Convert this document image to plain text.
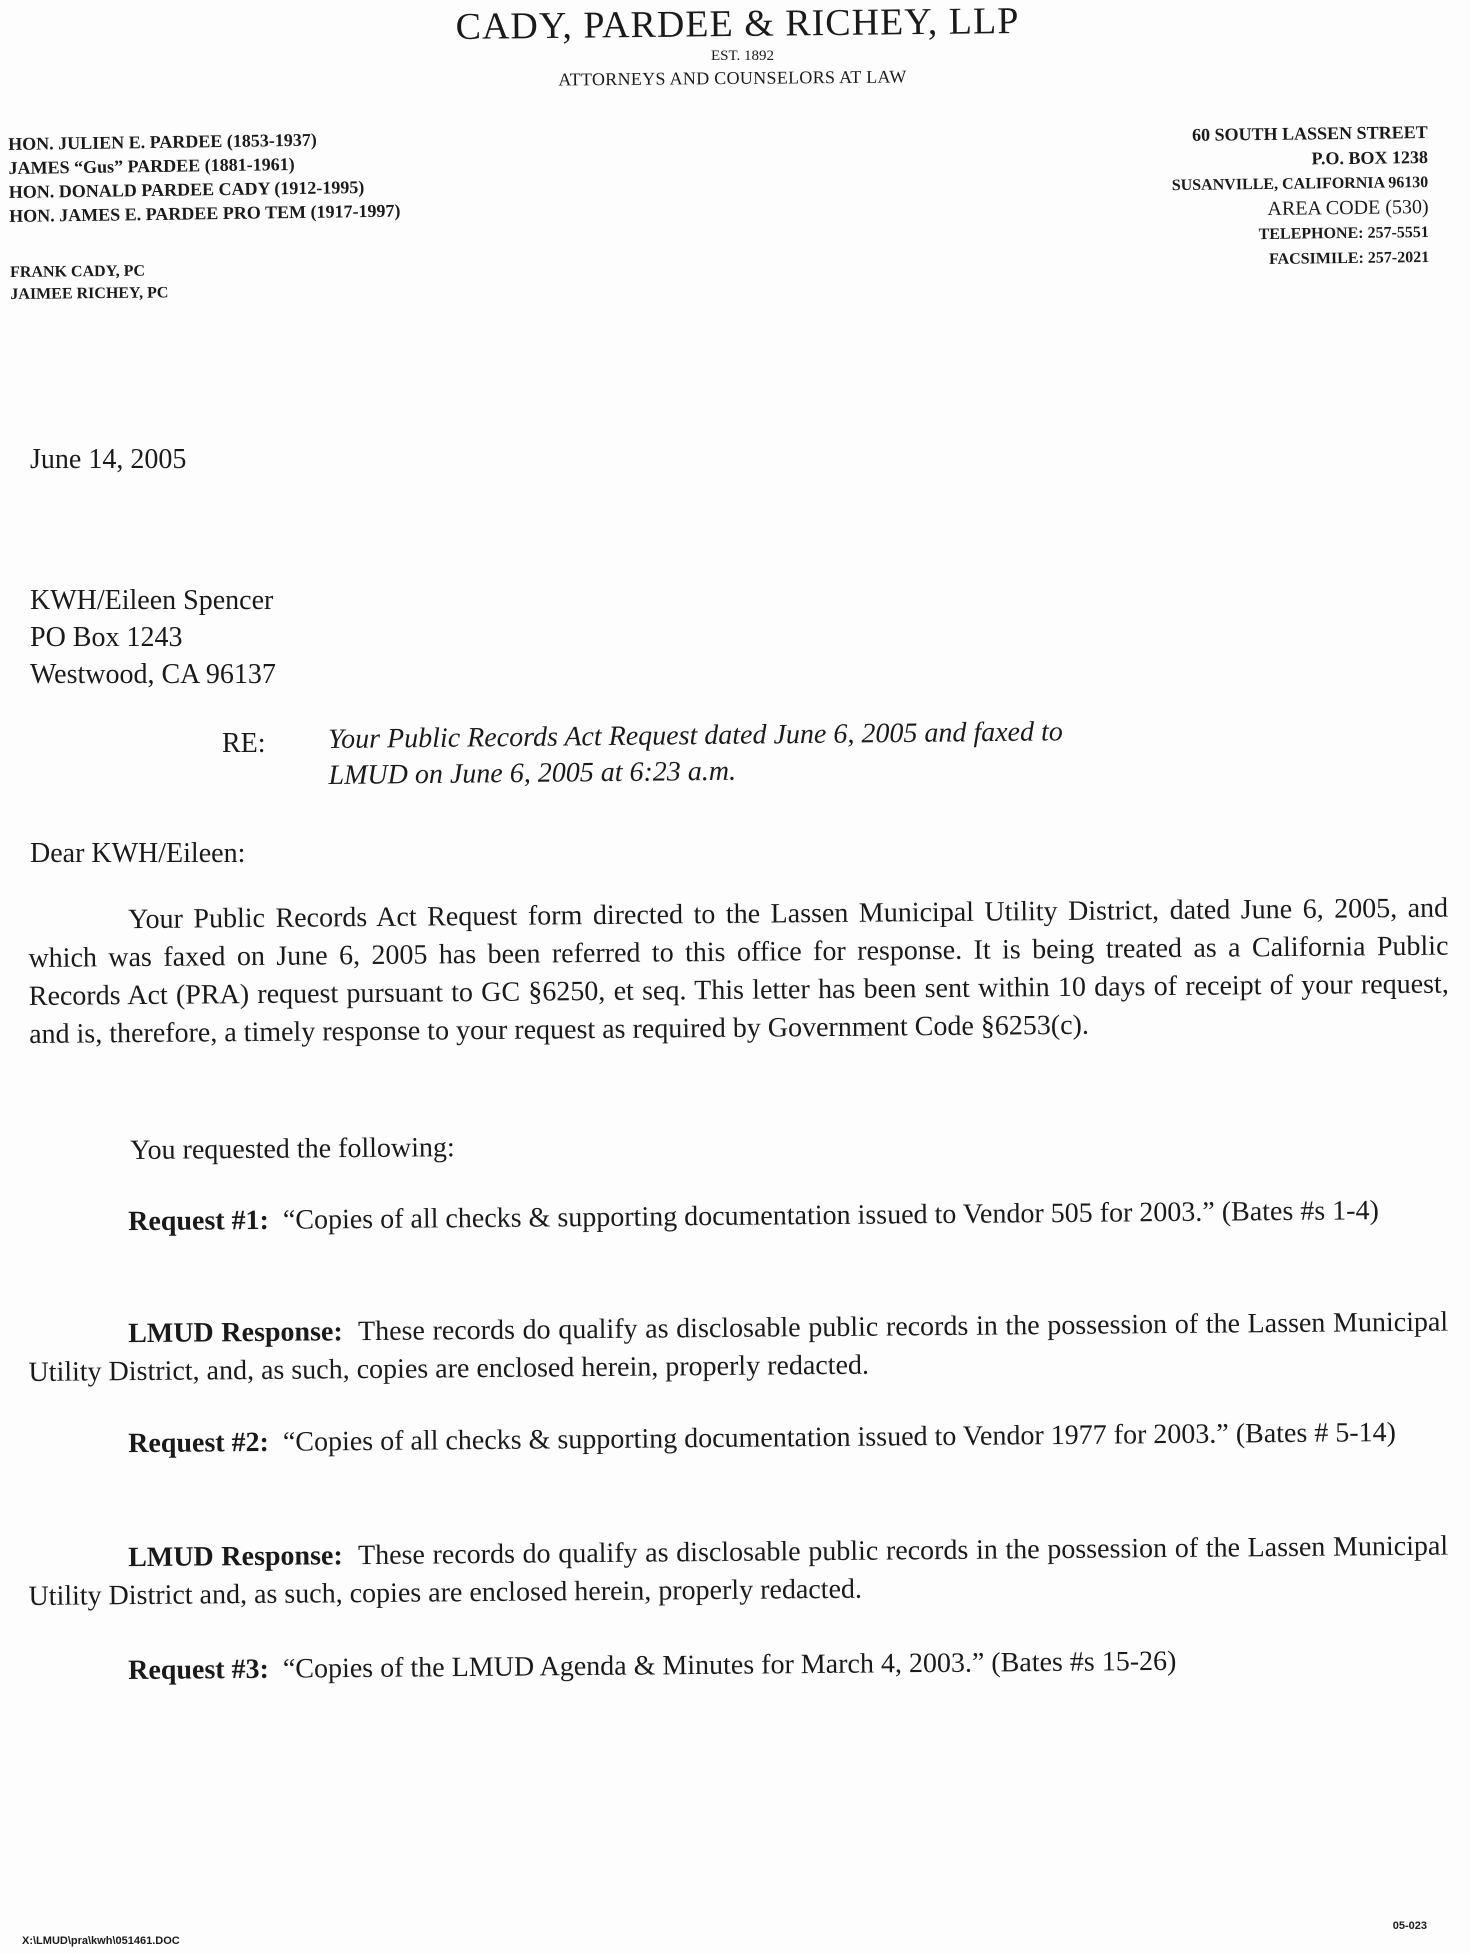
CADY, PARDEE & RICHEY, LLP
EST. 1892
ATTORNEYS AND COUNSELORS AT LAW
HON. JULIEN E. PARDEE (1853-1937)
JAMES “Gus” PARDEE (1881-1961)
HON. DONALD PARDEE CADY (1912-1995)
HON. JAMES E. PARDEE PRO TEM (1917-1997)
FRANK CADY, PC
JAIMEE RICHEY, PC
60 SOUTH LASSEN STREET
P.O. BOX 1238
SUSANVILLE, CALIFORNIA 96130
AREA CODE (530)
TELEPHONE: 257-5551
FACSIMILE: 257-2021
June 14, 2005
KWH/Eileen Spencer
PO Box 1243
Westwood, CA 96137
RE: Your Public Records Act Request dated June 6, 2005 and faxed to
LMUD on June 6, 2005 at 6:23 a.m.
Dear KWH/Eileen:
Your Public Records Act Request form directed to the Lassen Municipal Utility District, dated June 6, 2005, and which was faxed on June 6, 2005 has been referred to this office for response. It is being treated as a California Public Records Act (PRA) request pursuant to GC §6250, et seq. This letter has been sent within 10 days of receipt of your request, and is, therefore, a timely response to your request as required by Government Code §6253(c).
You requested the following:
Request #1: “Copies of all checks & supporting documentation issued to Vendor 505 for 2003.” (Bates #s 1-4)
LMUD Response: These records do qualify as disclosable public records in the possession of the Lassen Municipal Utility District, and, as such, copies are enclosed herein, properly redacted.
Request #2: “Copies of all checks & supporting documentation issued to Vendor 1977 for 2003.” (Bates # 5-14)
LMUD Response: These records do qualify as disclosable public records in the possession of the Lassen Municipal Utility District and, as such, copies are enclosed herein, properly redacted.
Request #3: “Copies of the LMUD Agenda & Minutes for March 4, 2003.” (Bates #s 15-26)
X:\LMUD\pra\kwh\051461.DOC
05-023
